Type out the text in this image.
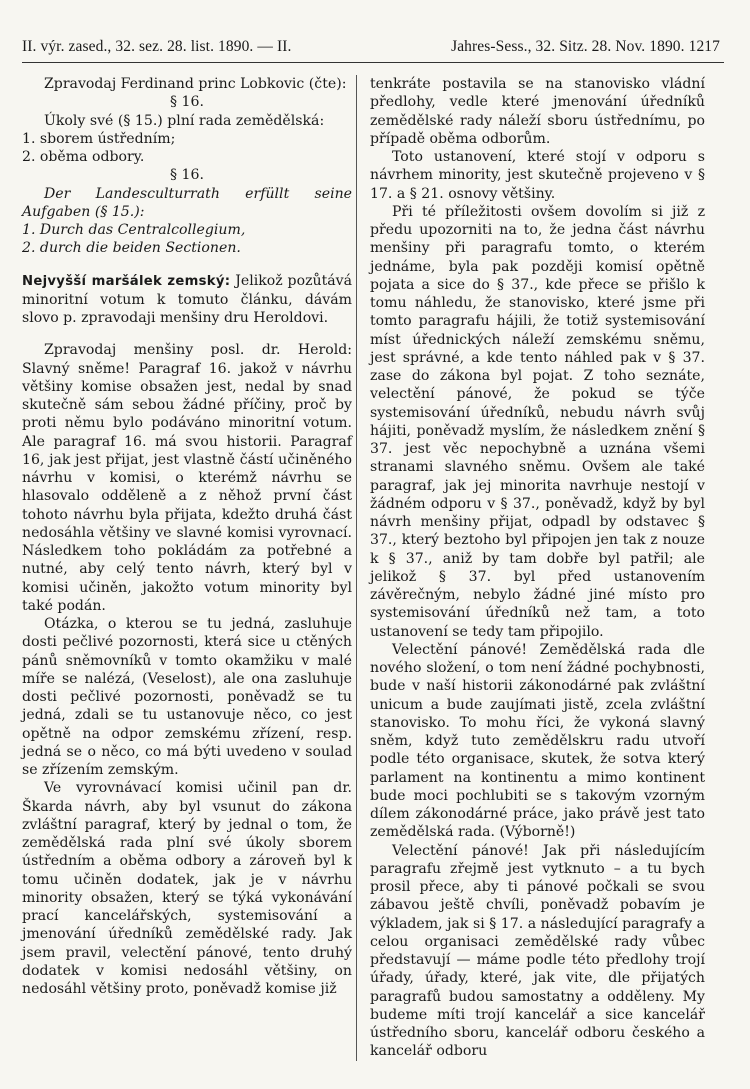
II. výr. zased., 32. sez. 28. list. 1890. — II.	Jahres-Sess., 32. Sitz. 28. Nov. 1890. 1217

Zpravodaj Ferdinand princ Lobkovic (čte):

§ 16.

Úkoly své (§ 15.) plní rada zemědělská:

1. sborem ústředním;

2. oběma odbory.

§ 16.

Der Landesculturrath erfüllt seine Aufgaben (§ 15.):

1. Durch das Centralcollegium,

2. durch die beiden Sectionen.

Nejvyšší maršálek zemský: Jelikož pozůtává minoritní votum k tomuto článku, dávám slovo p. zpravodaji menšiny dru Heroldovi.

Zpravodaj menšiny posl. dr. Herold: Slavný sněme! Paragraf 16. jakož v návrhu většiny komise obsažen jest, nedal by snad skutečně sám sebou žádné příčiny, proč by proti němu bylo podáváno minoritní votum. Ale paragraf 16. má svou historii. Paragraf 16, jak jest přijat, jest vlastně částí učiněného návrhu v komisi, o kterémž návrhu se hlasovalo odděleně a z něhož první část tohoto návrhu byla přijata, kdežto druhá část nedosáhla většiny ve slavné komisi vyrovnací. Následkem toho pokládám za potřebné a nutné, aby celý tento návrh, který byl v komisi učiněn, jakožto votum minority byl také podán.

Otázka, o kterou se tu jedná, zasluhuje dosti pečlivé pozornosti, která sice u ctěných pánů sněmovníků v tomto okamžiku v malé míře se nalézá, (Veselost), ale ona zasluhuje dosti pečlivé pozornosti, poněvadž se tu jedná, zdali se tu ustanovuje něco, co jest opětně na odpor zemskému zřízení, resp. jedná se o něco, co má býti uvedeno v soulad se zřízením zemským.

Ve vyrovnávací komisi učinil pan dr. Škarda návrh, aby byl vsunut do zákona zvláštní paragraf, který by jednal o tom, že zemědělská rada plní své úkoly sborem ústředním a oběma odbory a zároveň byl k tomu učiněn dodatek, jak je v návrhu minority obsažen, který se týká vykonávání prací kancelářských, systemisování a jmenování úředníků zemědělské rady. Jak jsem pravil, velectění pánové, tento druhý dodatek v komisi nedosáhl většiny, on nedosáhl většiny proto, poněvadž komise již

tenkráte postavila se na stanovisko vládní předlohy, vedle které jmenování úředníků zemědělské rady náleží sboru ústřednímu, po případě oběma odborům.

Toto ustanovení, které stojí v odporu s návrhem minority, jest skutečně projeveno v § 17. a § 21. osnovy většiny.

Při té příležitosti ovšem dovolím si již z předu upozorniti na to, že jedna část návrhu menšiny při paragrafu tomto, o kterém jednáme, byla pak později komisí opětně pojata a sice do § 37., kde přece se přišlo k tomu náhledu, že stanovisko, které jsme při tomto paragrafu hájili, že totiž systemisování míst úřednických náleží zemskému sněmu, jest správné, a kde tento náhled pak v § 37. zase do zákona byl pojat. Z toho seznáte, velectění pánové, že pokud se týče systemisování úředníků, nebudu návrh svůj hájiti, poněvadž myslím, že následkem znění § 37. jest věc nepochybně a uznána všemi stranami slavného sněmu. Ovšem ale také paragraf, jak jej minorita navrhuje nestojí v žádném odporu v § 37., poněvadž, když by byl návrh menšiny přijat, odpadl by odstavec § 37., který beztoho byl připojen jen tak z nouze k § 37., aniž by tam dobře byl patřil; ale jelikož § 37. byl před ustanovením závěrečným, nebylo žádné jiné místo pro systemisování úředníků než tam, a toto ustanovení se tedy tam připojilo.

Velectění pánové! Zemědělská rada dle nového složení, o tom není žádné pochybnosti, bude v naší historii zákonodárné pak zvláštní unicum a bude zaujímati jistě, zcela zvláštní stanovisko. To mohu říci, že vykoná slavný sněm, když tuto zemědělskru radu utvoří podle této organisace, skutek, že sotva který parlament na kontinentu a mimo kontinent bude moci pochlubiti se s takovým vzorným dílem zákonodárné práce, jako právě jest tato zemědělská rada. (Výborně!)

Velectění pánové! Jak při následujícím paragrafu zřejmě jest vytknuto – a tu bych prosil přece, aby ti pánové počkali se svou zábavou ještě chvíli, poněvadž pobavím je výkladem, jak si § 17. a následující paragrafy a celou organisaci zemědělské rady vůbec představují — máme podle této předlohy trojí úřady, úřady, které, jak vite, dle přijatých paragrafů budou samostatny a odděleny. My budeme míti trojí kancelář a sice kancelář ústředního sboru, kancelář odboru českého a kancelář odboru
